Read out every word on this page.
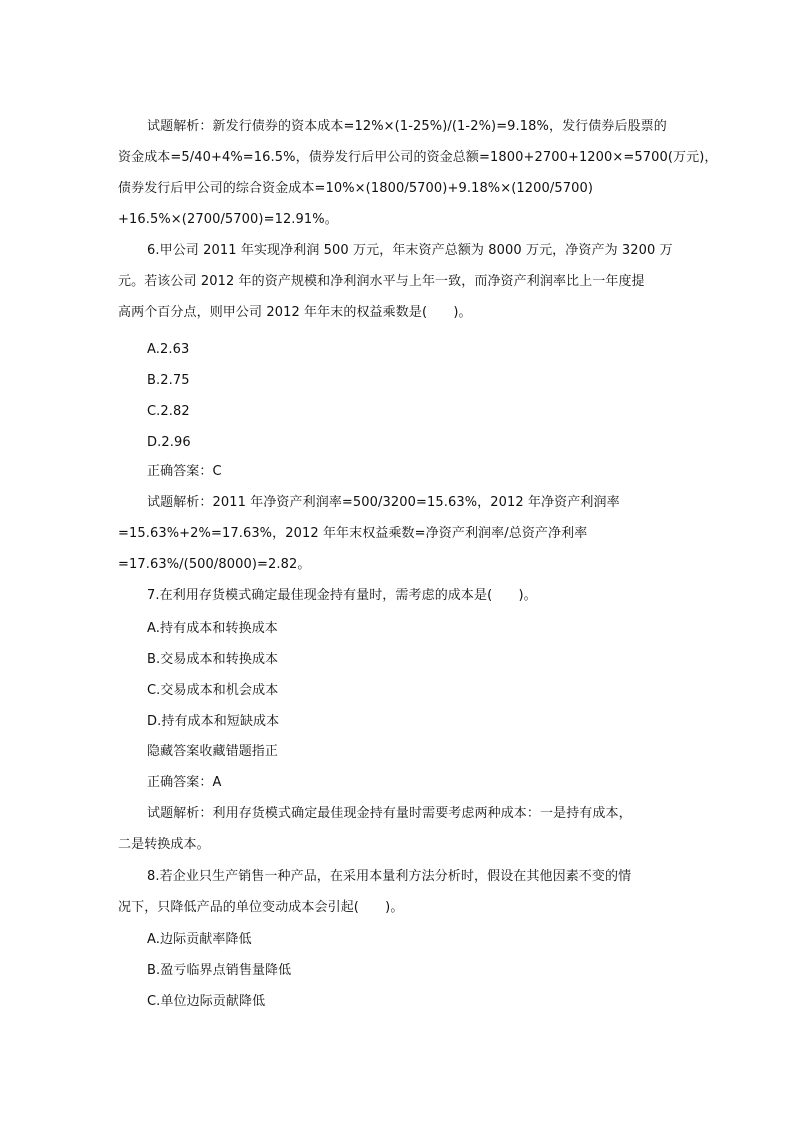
试题解析：新发行债券的资本成本=12%×(1-25%)/(1-2%)=9.18%，发行债券后股票的
资金成本=5/40+4%=16.5%，债券发行后甲公司的资金总额=1800+2700+1200×=5700(万元)，
债券发行后甲公司的综合资金成本=10%×(1800/5700)+9.18%×(1200/5700)
+16.5%×(2700/5700)=12.91%。
6.甲公司 2011 年实现净利润 500 万元，年末资产总额为 8000 万元，净资产为 3200 万
元。若该公司 2012 年的资产规模和净利润水平与上年一致，而净资产利润率比上一年度提
高两个百分点，则甲公司 2012 年年末的权益乘数是(　　)。
A.2.63
B.2.75
C.2.82
D.2.96
正确答案：C
试题解析：2011 年净资产利润率=500/3200=15.63%，2012 年净资产利润率
=15.63%+2%=17.63%，2012 年年末权益乘数=净资产利润率/总资产净利率
=17.63%/(500/8000)=2.82。
7.在利用存货模式确定最佳现金持有量时，需考虑的成本是(　　)。
A.持有成本和转换成本
B.交易成本和转换成本
C.交易成本和机会成本
D.持有成本和短缺成本
隐藏答案收藏错题指正
正确答案：A
试题解析：利用存货模式确定最佳现金持有量时需要考虑两种成本：一是持有成本，
二是转换成本。
8.若企业只生产销售一种产品，在采用本量利方法分析时，假设在其他因素不变的情
况下，只降低产品的单位变动成本会引起(　　)。
A.边际贡献率降低
B.盈亏临界点销售量降低
C.单位边际贡献降低
